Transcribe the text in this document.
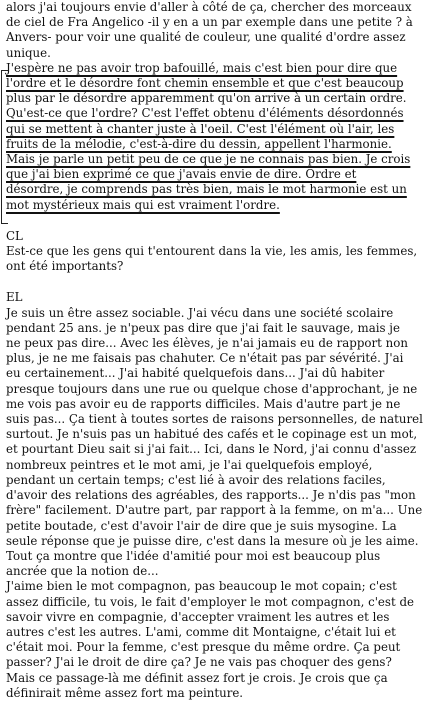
alors j'ai toujours envie d'aller à côté de ça, chercher des morceaux
de ciel de Fra Angelico -il y en a un par exemple dans une petite ? à
Anvers- pour voir une qualité de couleur, une qualité d'ordre assez
unique.
J'espère ne pas avoir trop bafouillé, mais c'est bien pour dire que
l'ordre et le désordre font chemin ensemble et que c'est beaucoup
plus par le désordre apparemment qu'on arrive à un certain ordre.
Qu'est-ce que l'ordre? C'est l'effet obtenu d'éléments désordonnés
qui se mettent à chanter juste à l'oeil. C'est l'élément où l'air, les
fruits de la mélodie, c'est-à-dire du dessin, appellent l'harmonie.
Mais je parle un petit peu de ce que je ne connais pas bien. Je crois
que j'ai bien exprimé ce que j'avais envie de dire. Ordre et
désordre, je comprends pas très bien, mais le mot harmonie est un
mot mystérieux mais qui est vraiment l'ordre.

CL

Est-ce que les gens qui t'entourent dans la vie, les amis, les femmes,
ont été importants?

EL

Je suis un être assez sociable. J'ai vécu dans une société scolaire
pendant 25 ans. je n'peux pas dire que j'ai fait le sauvage, mais je
ne peux pas dire... Avec les élèves, je n'ai jamais eu de rapport non
plus, je ne me faisais pas chahuter. Ce n'était pas par sévérité. J'ai
eu certainement... J'ai habité quelquefois dans... J'ai dû habiter
presque toujours dans une rue ou quelque chose d'approchant, je ne
me vois pas avoir eu de rapports difficiles. Mais d'autre part je ne
suis pas... Ça tient à toutes sortes de raisons personnelles, de naturel
surtout. Je n'suis pas un habitué des cafés et le copinage est un mot,
et pourtant Dieu sait si j'ai fait... Ici, dans le Nord, j'ai connu d'assez
nombreux peintres et le mot ami, je l'ai quelquefois employé,
pendant un certain temps; c'est lié à avoir des relations faciles,
d'avoir des relations des agréables, des rapports... Je n'dis pas "mon
frère" facilement. D'autre part, par rapport à la femme, on m'a... Une
petite boutade, c'est d'avoir l'air de dire que je suis mysogine. La
seule réponse que je puisse dire, c'est dans la mesure où je les aime.
Tout ça montre que l'idée d'amitié pour moi est beaucoup plus
ancrée que la notion de...
J'aime bien le mot compagnon, pas beaucoup le mot copain; c'est
assez difficile, tu vois, le fait d'employer le mot compagnon, c'est de
savoir vivre en compagnie, d'accepter vraiment les autres et les
autres c'est les autres. L'ami, comme dit Montaigne, c'était lui et
c'était moi. Pour la femme, c'est presque du même ordre. Ça peut
passer? J'ai le droit de dire ça? Je ne vais pas choquer des gens?
Mais ce passage-là me définit assez fort je crois. Je crois que ça
définirait même assez fort ma peinture.
